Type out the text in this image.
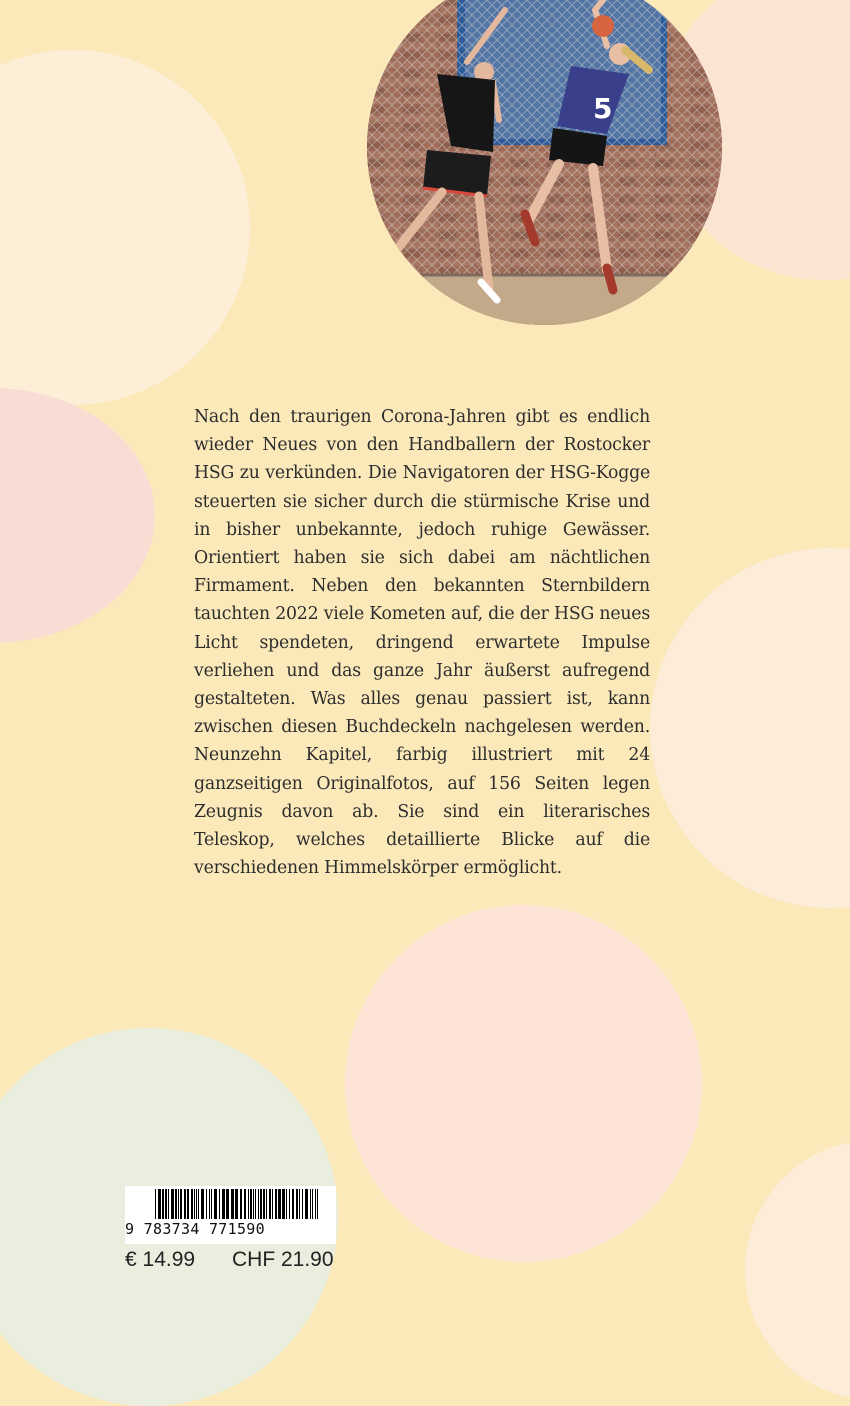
5

Nach den traurigen Corona-Jahren gibt es endlich wieder Neues von den Handballern der Rostocker HSG zu verkünden. Die Navigatoren der HSG-Kogge steuerten sie sicher durch die stürmische Krise und in bisher unbekannte, jedoch ruhige Gewässer. Orientiert haben sie sich dabei am nächtlichen Firmament. Neben den bekannten Sternbildern tauchten 2022 viele Kometen auf, die der HSG neues Licht spendeten, dringend erwartete Impulse verliehen und das ganze Jahr äußerst aufregend gestalteten. Was alles genau passiert ist, kann zwischen diesen Buchdeckeln nachgelesen werden. Neunzehn Kapitel, farbig illustriert mit 24 ganzseitigen Originalfotos, auf 156 Seiten legen Zeugnis davon ab. Sie sind ein literarisches Teleskop, welches detaillierte Blicke auf die verschiedenen Himmelskörper ermöglicht.

9 783734 771590
€ 14.99 CHF 21.90
